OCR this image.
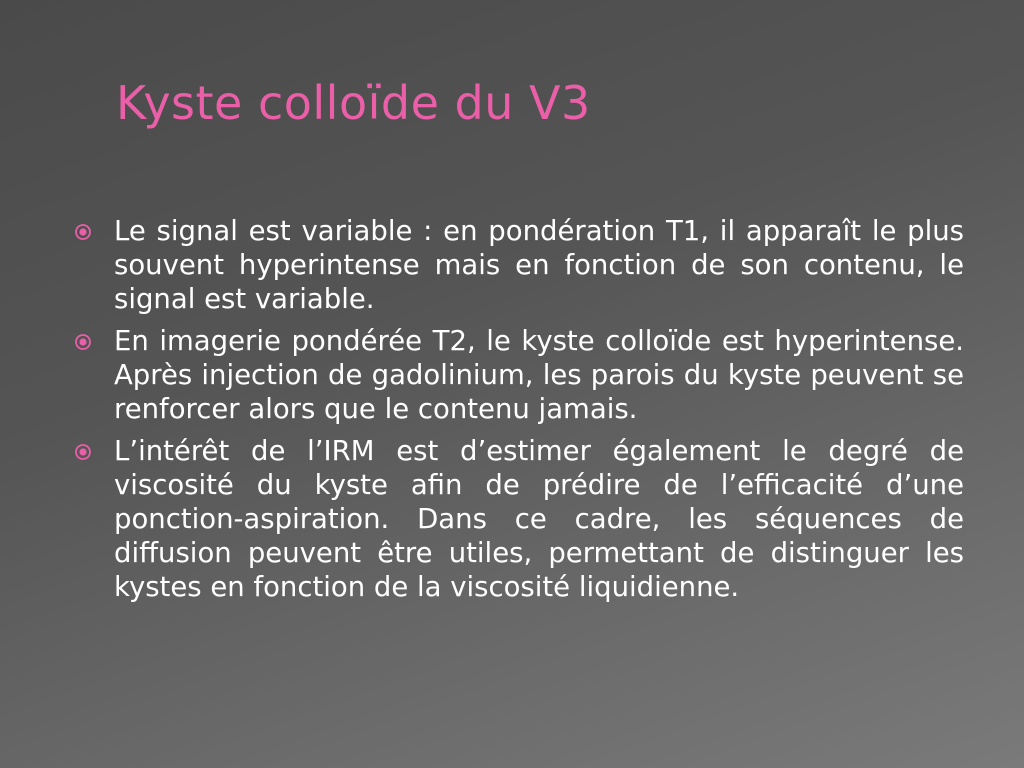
Kyste colloïde du V3
Le signal est variable : en pondération T1, il apparaît le plus souvent hyperintense mais en fonction de son contenu, le signal est variable.
En imagerie pondérée T2, le kyste colloïde est hyperintense. Après injection de gadolinium, les parois du kyste peuvent se renforcer alors que le contenu jamais.
L’intérêt de l’IRM est d’estimer également le degré de viscosité du kyste afin de prédire de l’efficacité d’une ponction-aspiration. Dans ce cadre, les séquences de diffusion peuvent être utiles, permettant de distinguer les kystes en fonction de la viscosité liquidienne.
